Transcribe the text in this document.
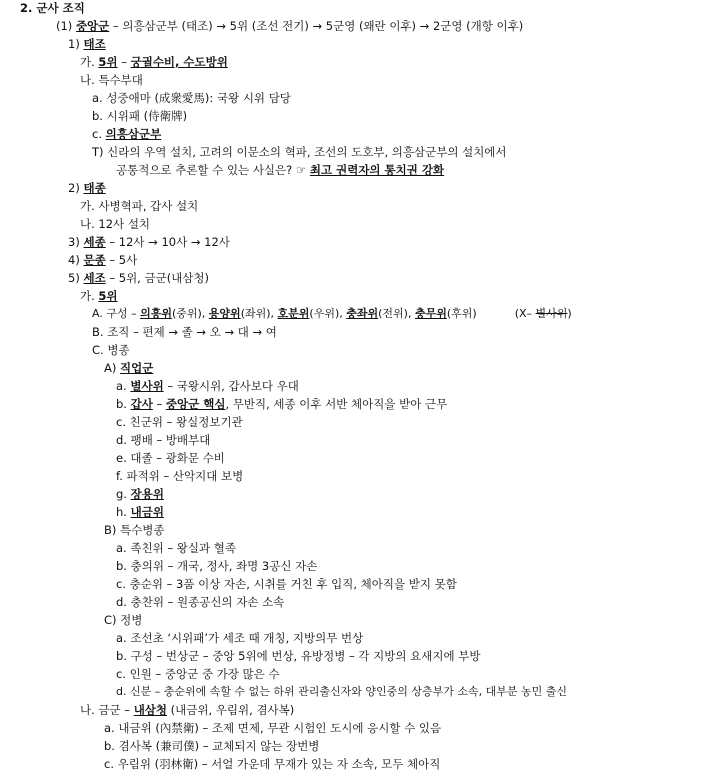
2. 군사 조직
(1) 중앙군 – 의흥삼군부 (태조) → 5위 (조선 전기) → 5군영 (왜란 이후) → 2군영 (개항 이후)
1) 태조
가. 5위 – 궁궐수비, 수도방위
나. 특수부대
a. 성중애마 (成衆愛馬): 국왕 시위 담당
b. 시위패 (侍衛牌)
c. 의흥삼군부
T) 신라의 우역 설치, 고려의 이문소의 혁파, 조선의 도호부, 의흥삼군부의 설치에서
공통적으로 추론할 수 있는 사실은? ☞ 최고 권력자의 통치권 강화
2) 태종
가. 사병혁파, 갑사 설치
나. 12사 설치
3) 세종 – 12사 → 10사 → 12사
4) 문종 – 5사
5) 세조 – 5위, 금군(내삼청)
가. 5위
A. 구성 – 의흥위(중위), 용양위(좌위), 호분위(우위), 충좌위(전위), 충무위(후위)	(X– 별사위)
B. 조직 – 편제 → 졸 → 오 → 대 → 여
C. 병종
A) 직업군
a. 별사위 – 국왕시위, 갑사보다 우대
b. 갑사 – 중앙군 핵심, 무반직, 세종 이후 서반 체아직을 받아 근무
c. 친군위 – 왕실정보기관
d. 팽배 – 방배부대
e. 대졸 – 광화문 수비
f. 파적위 – 산악지대 보병
g. 장용위
h. 내금위
B) 특수병종
a. 족친위 – 왕실과 혈족
b. 충의위 – 개국, 정사, 좌명 3공신 자손
c. 충순위 – 3품 이상 자손, 시취를 거친 후 입직, 체아직을 받지 못함
d. 충찬위 – 원종공신의 자손 소속
C) 정병
a. 조선초 ‘시위패’가 세조 때 개칭, 지방의무 번상
b. 구성 – 번상군 – 중앙 5위에 번상, 유방정병 – 각 지방의 요새지에 부방
c. 인원 – 중앙군 중 가장 많은 수
d. 신분 – 충순위에 속할 수 없는 하위 관리출신자와 양인중의 상층부가 소속, 대부분 농민 출신
나. 금군 – 내삼청 (내금위, 우림위, 겸사복)
a. 내금위 (內禁衛) – 조제 면제, 무관 시험인 도시에 응시할 수 있음
b. 겸사복 (兼司僕) – 교체되지 않는 장번병
c. 우림위 (羽林衛) – 서얼 가운데 무재가 있는 자 소속, 모두 체아직
